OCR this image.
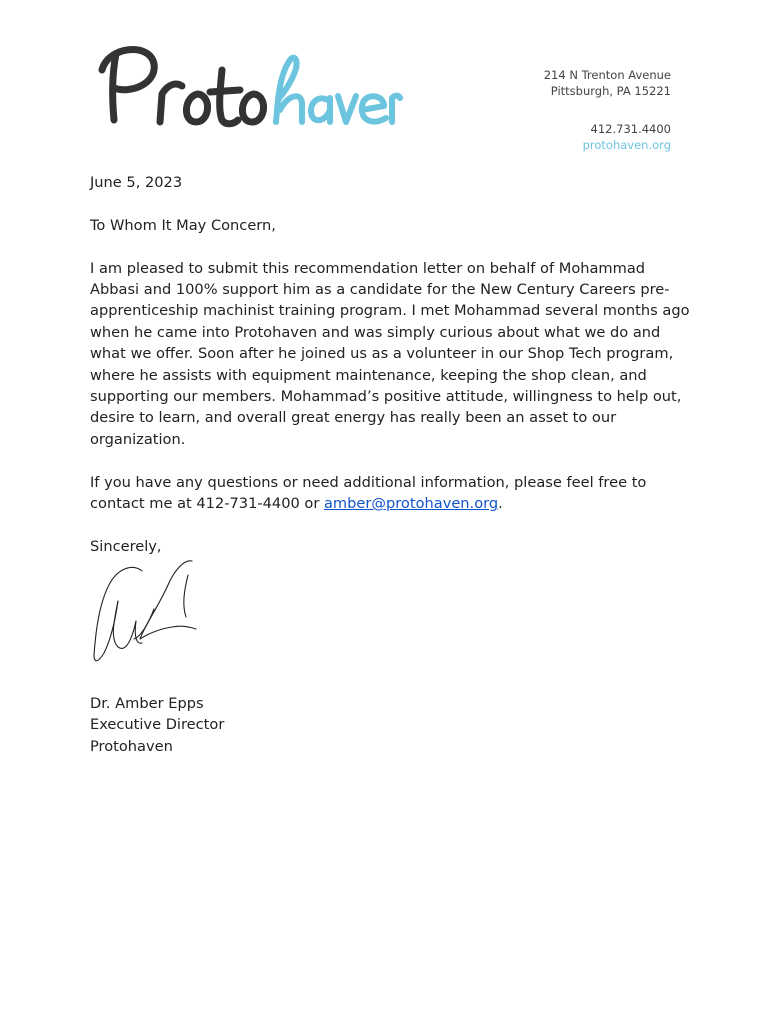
214 N Trenton Avenue
Pittsburgh, PA 15221
412.731.4400
protohaven.org

June 5, 2023

To Whom It May Concern,

I am pleased to submit this recommendation letter on behalf of Mohammad Abbasi and 100% support him as a candidate for the New Century Careers pre-apprenticeship machinist training program. I met Mohammad several months ago when he came into Protohaven and was simply curious about what we do and what we offer. Soon after he joined us as a volunteer in our Shop Tech program, where he assists with equipment maintenance, keeping the shop clean, and supporting our members. Mohammad’s positive attitude, willingness to help out, desire to learn, and overall great energy has really been an asset to our organization.

If you have any questions or need additional information, please feel free to contact me at 412-731-4400 or amber@protohaven.org.

Sincerely,

Dr. Amber Epps
Executive Director
Protohaven
